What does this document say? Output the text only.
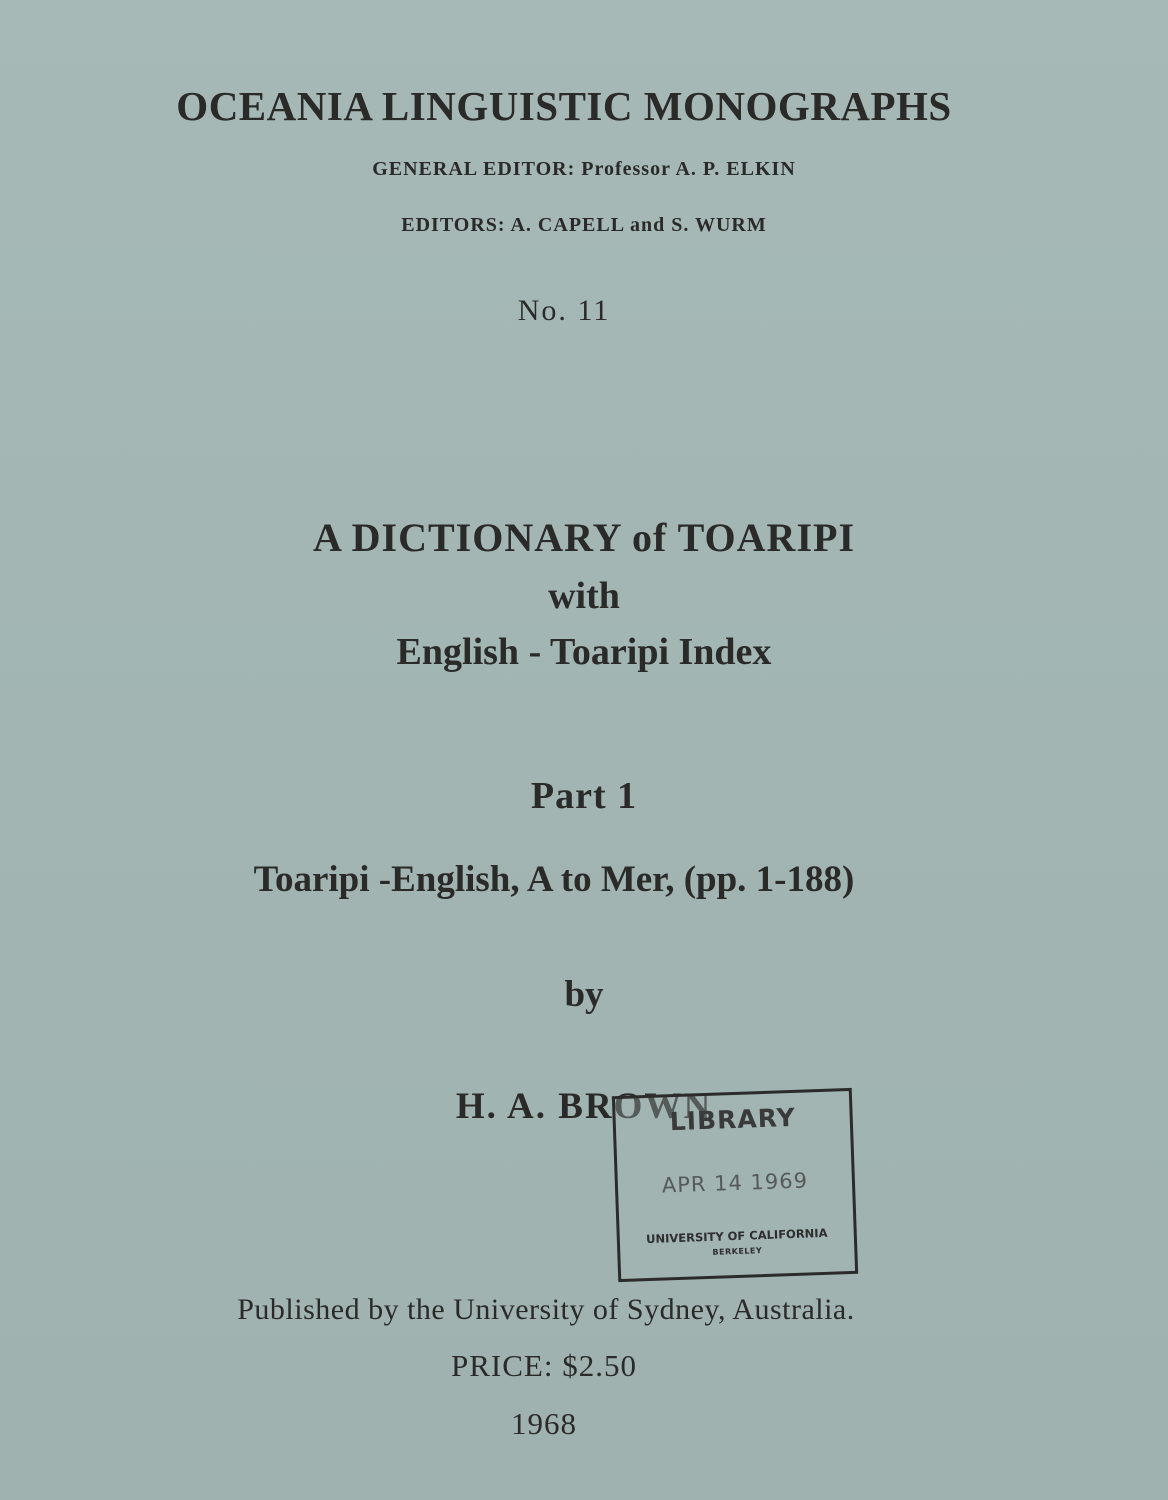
OCEANIA LINGUISTIC MONOGRAPHS
GENERAL EDITOR: Professor A. P. ELKIN
EDITORS: A. CAPELL and S. WURM
No. 11
A DICTIONARY of TOARIPI
with
English - Toaripi Index
Part 1
Toaripi -English, A to Mer, (pp. 1-188)
by
H. A. BROWN
LIBRARY
APR 14 1969
UNIVERSITY OF CALIFORNIA
BERKELEY
Published by the University of Sydney, Australia.
PRICE: $2.50
1968
